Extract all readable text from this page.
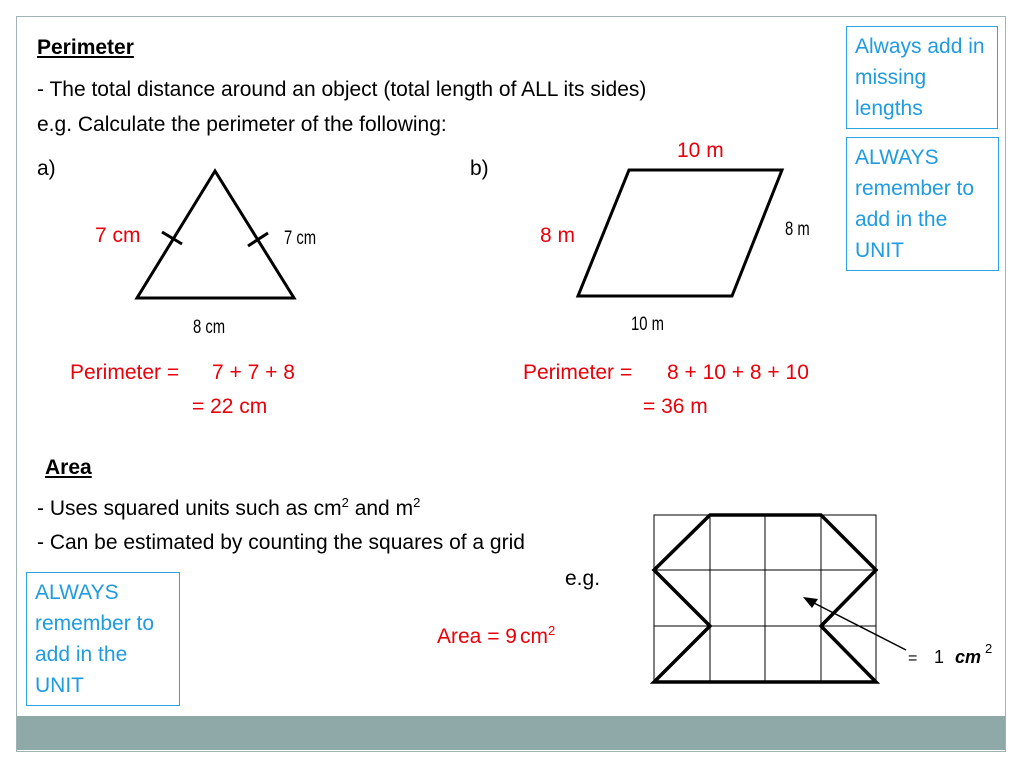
Perimeter
- The total distance around an object (total length of ALL its sides)
e.g. Calculate the perimeter of the following:
a)	b)
7 cm	7 cm
8 cm
10 m
8 m	8 m
10 m
Perimeter = 7 + 7 + 8
= 22 cm
Perimeter = 8 + 10 + 8 + 10
= 36 m
Area
- Uses squared units such as $cm^2$ and $m^2$
- Can be estimated by counting the squares of a grid
e.g.
Area = 9 $cm^2$
= 1 cm 2
Always add in missing lengths
ALWAYS remember to add in the UNIT
ALWAYS remember to add in the UNIT
